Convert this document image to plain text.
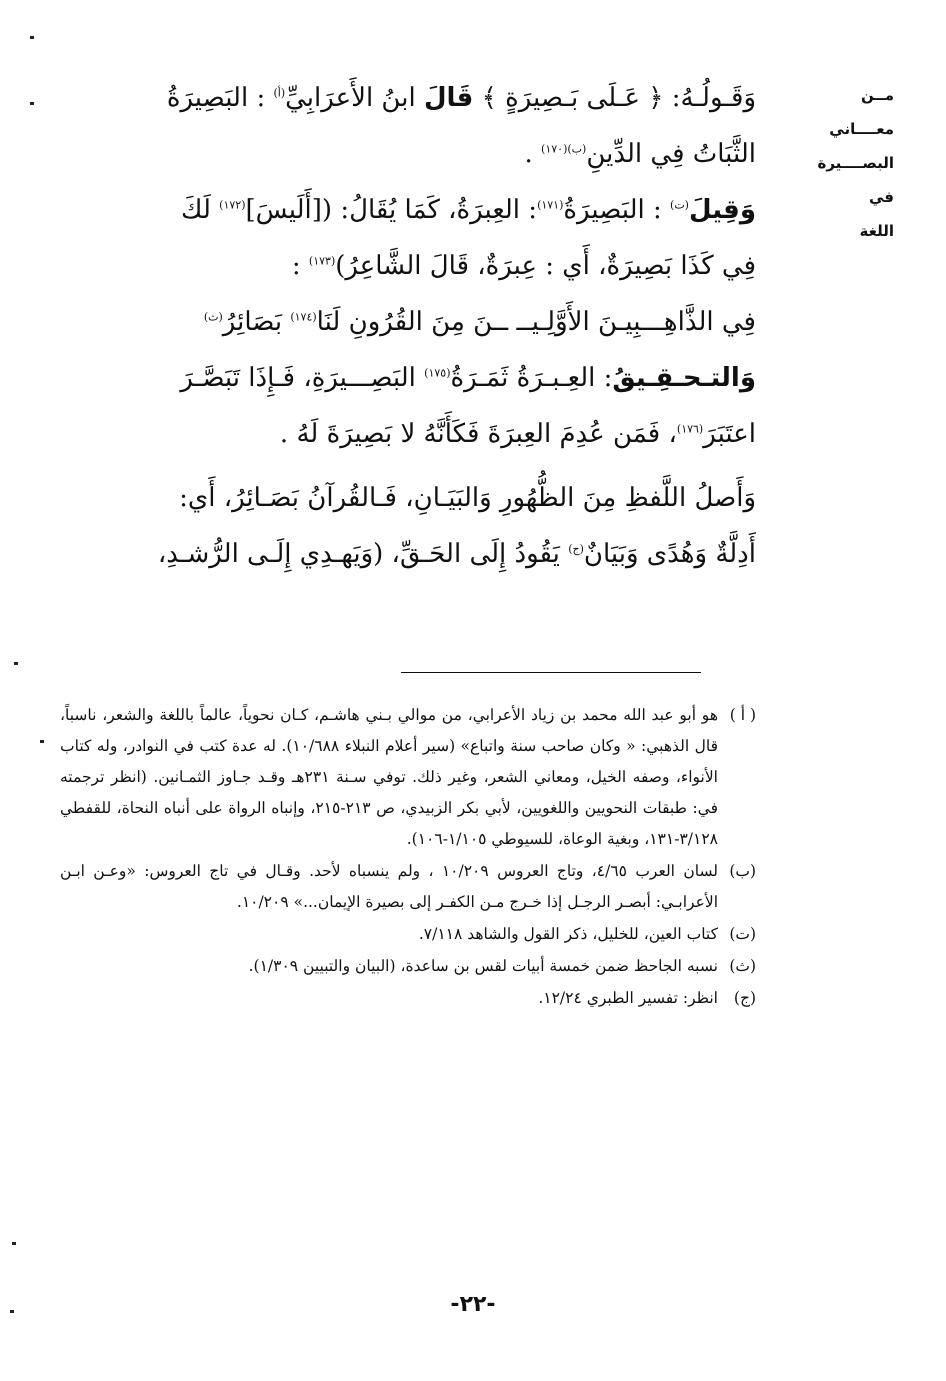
مــن معــــاني
البصــــيرة في
اللغة
وَقَـولُـهُ: ﴿ عَـلَى بَـصِيرَةٍ ﴾ قَالَ ابنُ الأَعرَابِيِّ$^{(أ)}$ : البَصِيرَةُ
الثَّبَاتُ فِي الدِّينِ$^{(ب)(١٧٠)}$ .
وَقِيلَ$^{(ت)}$ : البَصِيرَةُ$^{(١٧١)}$: العِبرَةُ، كَمَا يُقَالُ: ([أَلَيسَ]$^{(١٧٢)}$ لَكَ
فِي كَذَا بَصِيرَةٌ، أَي : عِبرَةٌ، قَالَ الشَّاعِرُ)$^{(١٧٣)}$ :
فِي الذَّاهِـــبِيـنَ الأَوَّلِـيــ ــنَ مِنَ القُرُونِ لَنَا$^{(١٧٤)}$ بَصَائِرُ$^{(ث)}$
وَالتـحـقِـيقُ: العِـبـرَةُ ثَمَـرَةُ$^{(١٧٥)}$ البَصِـــيرَةِ، فَـإِذَا تَبَصَّـرَ
اعتَبَرَ$^{(١٧٦)}$، فَمَن عُدِمَ العِبرَةَ فَكَأَنَّهُ لا بَصِيرَةَ لَهُ .
وَأَصلُ اللَّفظِ مِنَ الظُّهُورِ وَالبَيَـانِ، فَـالقُرآنُ بَصَـائِرُ، أَي:
أَدِلَّةٌ وَهُدًى وَبَيَانٌ$^{(ج)}$ يَقُودُ إِلَى الحَـقِّ، (وَيَهـدِي إِلَـى الرُّشـدِ،
( أ )
هو أبو عبد الله محمد بن زياد الأعرابي، من موالي بـني هاشـم، كـان نحوياً، عالماً باللغة والشعر، ناسباً، قال الذهبي: « وكان صاحب سنة واتباع» (سير أعلام النبلاء ١٠/٦٨٨). له عدة كتب في النوادر، وله كتاب الأنواء، وصفه الخيل، ومعاني الشعر، وغير ذلك. توفي سـنة ٢٣١هـ وقـد جـاوز الثمـانين. (انظر ترجمته في: طبقات النحويين واللغويين، لأبي بكر الزبيدي، ص ٢١٣-٢١٥، وإنباه الرواة على أنباه النحاة، للقفطي ٣/١٢٨-١٣١، وبغية الوعاة، للسيوطي ١/١٠٥-١٠٦).
(ب)
لسان العرب ٤/٦٥، وتاج العروس ١٠/٢٠٩ ، ولم ينسباه لأحد. وقـال في تاج العروس: «وعـن ابـن الأعرابـي: أبصـر الرجـل إذا خـرج مـن الكفـر إلى بصيرة الإيمان...» ١٠/٢٠٩.
(ت)
كتاب العين، للخليل، ذكر القول والشاهد ٧/١١٨.
(ث)
نسبه الجاحظ ضمن خمسة أبيات لقس بن ساعدة، (البيان والتبيين ١/٣٠٩).
(ج)
انظر: تفسير الطبري ١٢/٢٤.
-٢٢-
